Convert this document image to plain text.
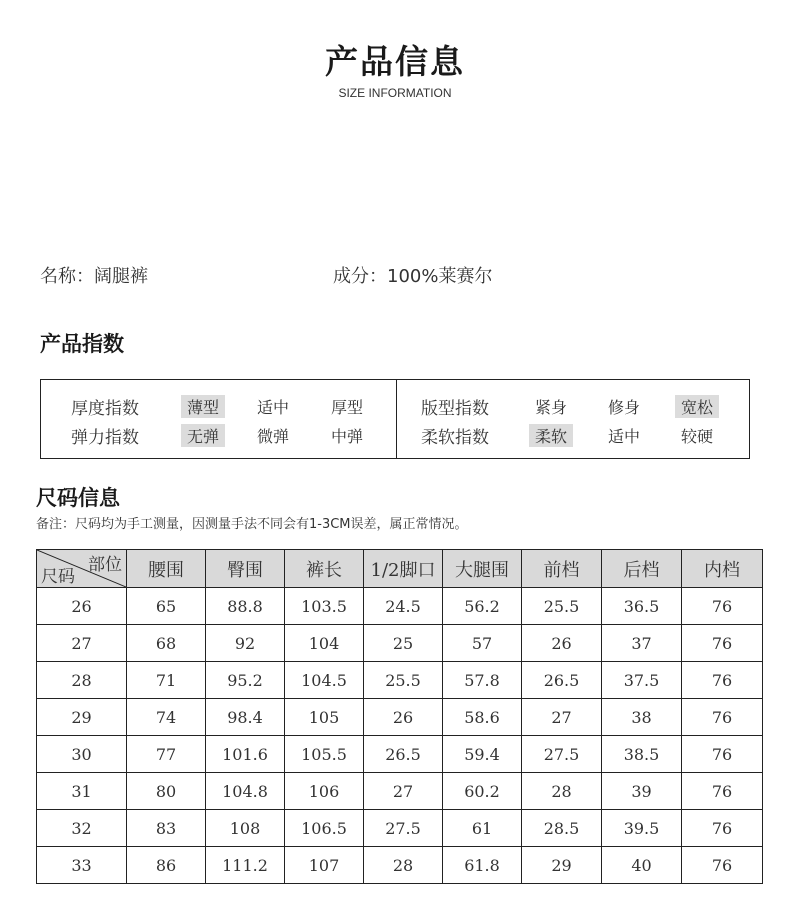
产品信息
SIZE INFORMATION
名称：阔腿裤	成分：100%莱赛尔
产品指数
厚度指数	薄型	适中	厚型
弹力指数	无弹	微弹	中弹
版型指数	紧身	修身	宽松
柔软指数	柔软	适中	较硬
尺码信息
备注：尺码均为手工测量，因测量手法不同会有1-3CM误差，属正常情况。
部位
尺码	腰围	臀围	裤长	1/2脚口	大腿围	前档	后档	内档
26	65	88.8	103.5	24.5	56.2	25.5	36.5	76
27	68	92	104	25	57	26	37	76
28	71	95.2	104.5	25.5	57.8	26.5	37.5	76
29	74	98.4	105	26	58.6	27	38	76
30	77	101.6	105.5	26.5	59.4	27.5	38.5	76
31	80	104.8	106	27	60.2	28	39	76
32	83	108	106.5	27.5	61	28.5	39.5	76
33	86	111.2	107	28	61.8	29	40	76
